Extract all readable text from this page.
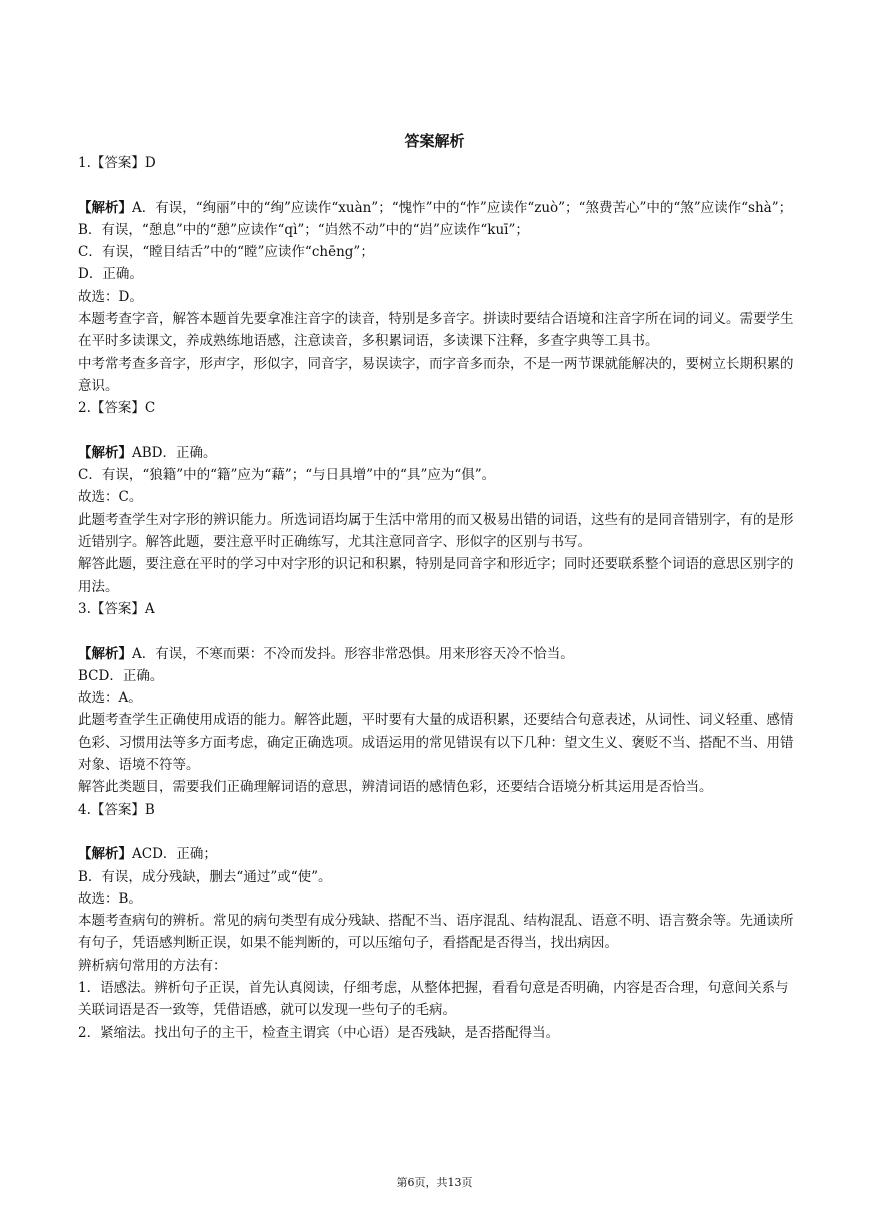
答案解析

1.【答案】D

【解析】A．有误，“绚丽”中的“绚”应读作“xuàn”；“愧怍”中的“怍”应读作“zuò”；“煞费苦心”中的“煞”应读作“shà”；

B．有误，“憩息”中的“憩”应读作“qì”；“岿然不动”中的“岿”应读作“kuī”；

C．有误，“瞠目结舌”中的“瞠”应读作“chēng”；

D．正确。

故选：D。

本题考查字音，解答本题首先要拿准注音字的读音，特别是多音字。拼读时要结合语境和注音字所在词的词义。需要学生在平时多读课文，养成熟练地语感，注意读音，多积累词语，多读课下注释，多查字典等工具书。

中考常考查多音字，形声字，形似字，同音字，易误读字，而字音多而杂，不是一两节课就能解决的，要树立长期积累的意识。

2.【答案】C

【解析】ABD．正确。

C．有误，“狼籍”中的“籍”应为“藉”；“与日具增”中的“具”应为“俱”。

故选：C。

此题考查学生对字形的辨识能力。所选词语均属于生活中常用的而又极易出错的词语，这些有的是同音错别字，有的是形近错别字。解答此题，要注意平时正确练写，尤其注意同音字、形似字的区别与书写。

解答此题，要注意在平时的学习中对字形的识记和积累，特别是同音字和形近字；同时还要联系整个词语的意思区别字的用法。

3.【答案】A

【解析】A．有误，不寒而栗：不冷而发抖。形容非常恐惧。用来形容天冷不恰当。

BCD．正确。

故选：A。

此题考查学生正确使用成语的能力。解答此题，平时要有大量的成语积累，还要结合句意表述，从词性、词义轻重、感情色彩、习惯用法等多方面考虑，确定正确选项。成语运用的常见错误有以下几种：望文生义、褒贬不当、搭配不当、用错对象、语境不符等。

解答此类题目，需要我们正确理解词语的意思，辨清词语的感情色彩，还要结合语境分析其运用是否恰当。

4.【答案】B

【解析】ACD．正确；

B．有误，成分残缺，删去“通过”或“使”。

故选：B。

本题考查病句的辨析。常见的病句类型有成分残缺、搭配不当、语序混乱、结构混乱、语意不明、语言赘余等。先通读所有句子，凭语感判断正误，如果不能判断的，可以压缩句子，看搭配是否得当，找出病因。

辨析病句常用的方法有：

1．语感法。辨析句子正误，首先认真阅读，仔细考虑，从整体把握，看看句意是否明确，内容是否合理，句意间关系与关联词语是否一致等，凭借语感，就可以发现一些句子的毛病。

2．紧缩法。找出句子的主干，检查主谓宾（中心语）是否残缺，是否搭配得当。

第6页，共13页
